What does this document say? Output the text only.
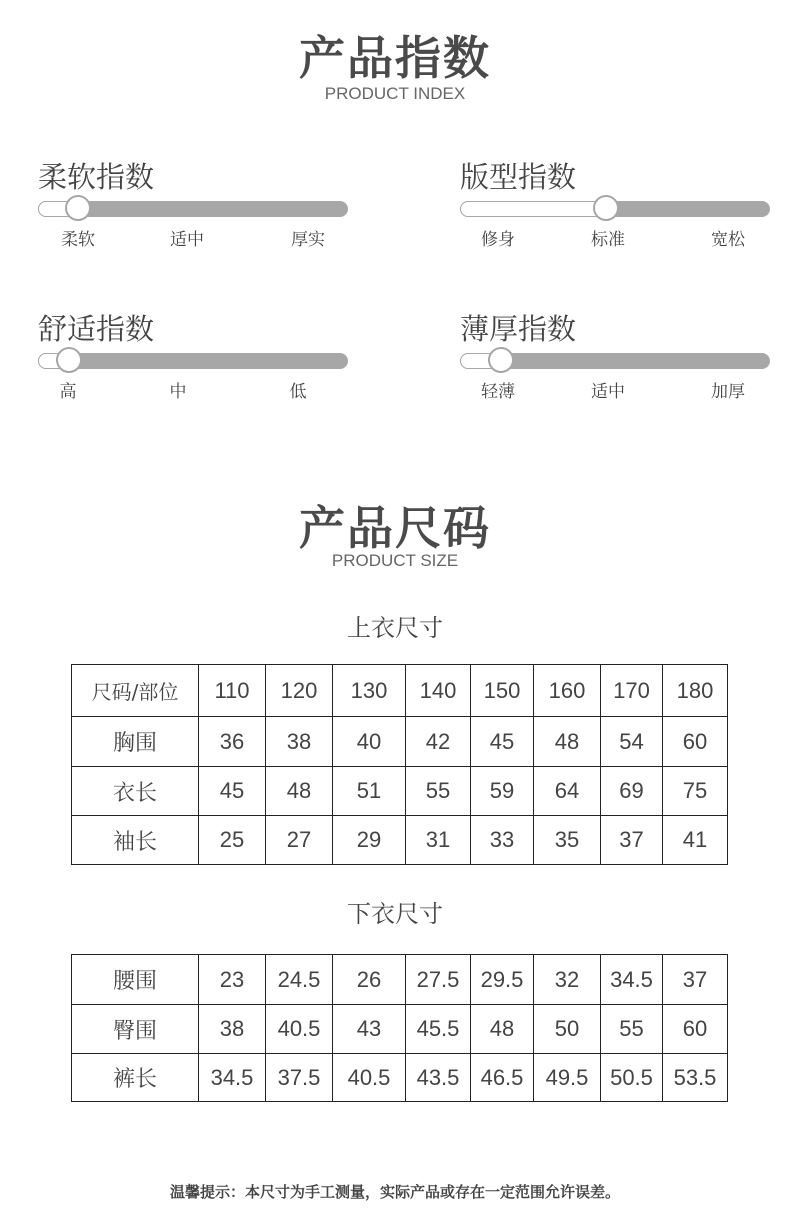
产品指数
PRODUCT INDEX
柔软指数
柔软	适中	厚实
版型指数
修身	标准	宽松
舒适指数
高	中	低
薄厚指数
轻薄	适中	加厚
产品尺码
PRODUCT SIZE
上衣尺寸
尺码/部位	110	120	130	140	150	160	170	180
胸围	36	38	40	42	45	48	54	60
衣长	45	48	51	55	59	64	69	75
袖长	25	27	29	31	33	35	37	41
下衣尺寸
腰围	23	24.5	26	27.5	29.5	32	34.5	37
臀围	38	40.5	43	45.5	48	50	55	60
裤长	34.5	37.5	40.5	43.5	46.5	49.5	50.5	53.5
温馨提示：本尺寸为手工测量，实际产品或存在一定范围允许误差。
